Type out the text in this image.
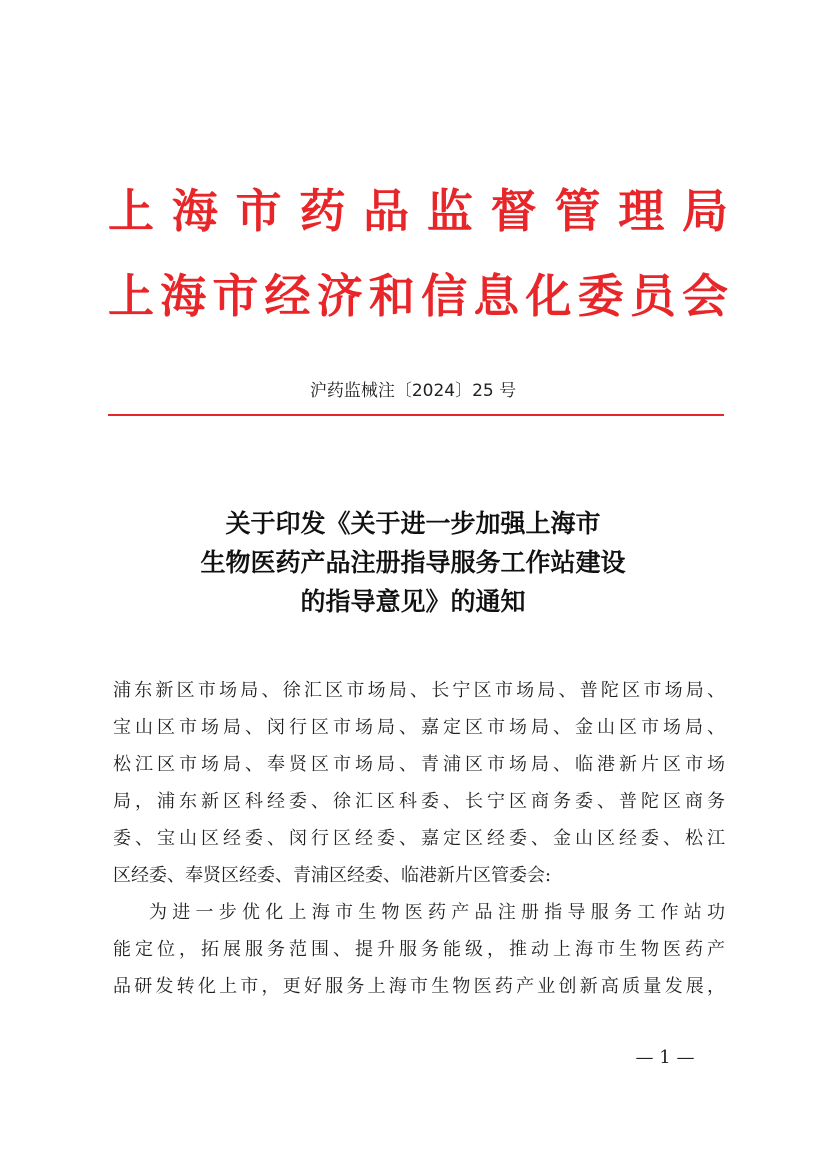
上海市药品监督管理局
上海市经济和信息化委员会
沪药监械注〔2024〕25 号
关于印发《关于进一步加强上海市
生物医药产品注册指导服务工作站建设
的指导意见》的通知

浦东新区市场局、徐汇区市场局、长宁区市场局、普陀区市场局、
宝山区市场局、闵行区市场局、嘉定区市场局、金山区市场局、
松江区市场局、奉贤区市场局、青浦区市场局、临港新片区市场
局，浦东新区科经委、徐汇区科委、长宁区商务委、普陀区商务
委、宝山区经委、闵行区经委、嘉定区经委、金山区经委、松江
区经委、奉贤区经委、青浦区经委、临港新片区管委会:

为进一步优化上海市生物医药产品注册指导服务工作站功
能定位，拓展服务范围、提升服务能级，推动上海市生物医药产
品研发转化上市，更好服务上海市生物医药产业创新高质量发展，

— 1 —
